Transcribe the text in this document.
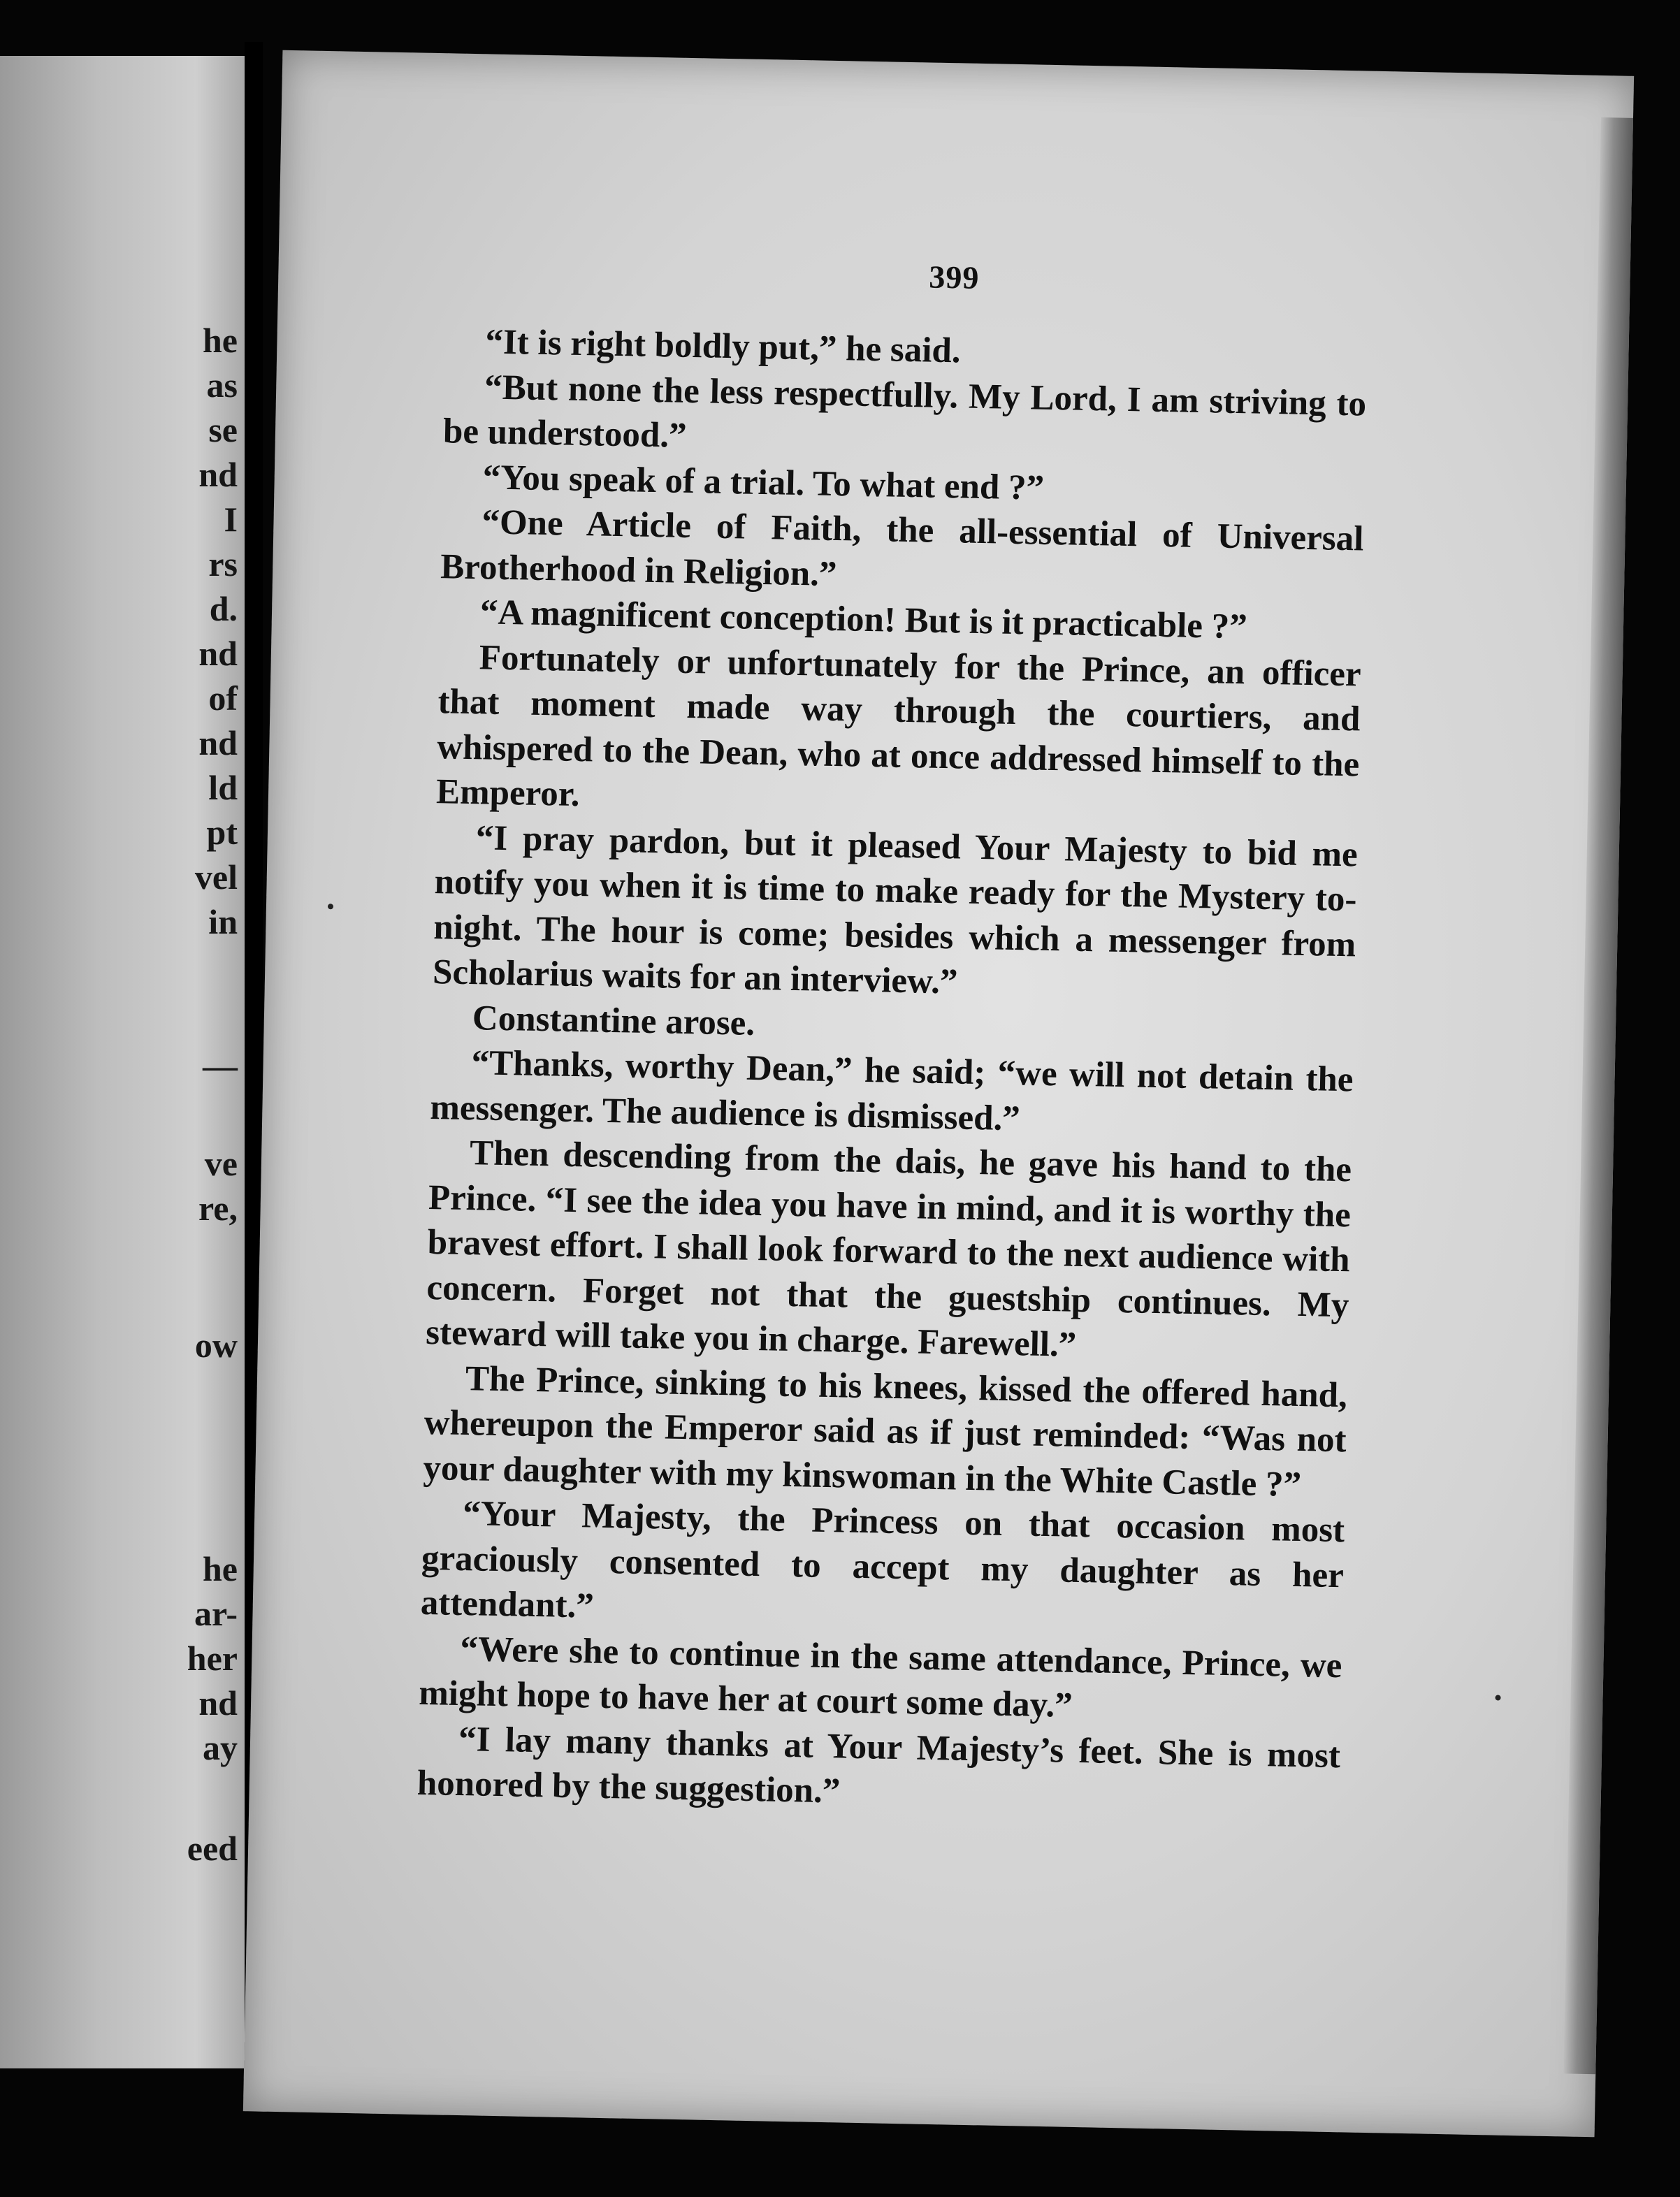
he
as
se
nd
I
rs
d.
nd
of
nd
ld
pt
vel
in
—
ve
re,
ow
he
ar-
her
nd
ay
eed
399

“It is right boldly put,” he said.

“But none the less respectfully. My Lord, I am striving to be understood.”

“You speak of a trial. To what end ?”

“One Article of Faith, the all-essential of Universal Brotherhood in Religion.”

“A magnificent conception! But is it practicable ?”

Fortunately or unfortunately for the Prince, an officer that moment made way through the courtiers, and whispered to the Dean, who at once addressed himself to the Emperor.

“I pray pardon, but it pleased Your Majesty to bid me notify you when it is time to make ready for the Mystery to-night. The hour is come; besides which a messenger from Scholarius waits for an interview.”

Constantine arose.

“Thanks, worthy Dean,” he said; “we will not detain the messenger. The audience is dismissed.”

Then descending from the dais, he gave his hand to the Prince. “I see the idea you have in mind, and it is worthy the bravest effort. I shall look forward to the next audience with concern. Forget not that the guestship continues. My steward will take you in charge. Farewell.”

The Prince, sinking to his knees, kissed the offered hand, whereupon the Emperor said as if just reminded: “Was not your daughter with my kinswoman in the White Castle ?”

“Your Majesty, the Princess on that occasion most graciously consented to accept my daughter as her attendant.”

“Were she to continue in the same attendance, Prince, we might hope to have her at court some day.”

“I lay many thanks at Your Majesty’s feet. She is most honored by the suggestion.”
